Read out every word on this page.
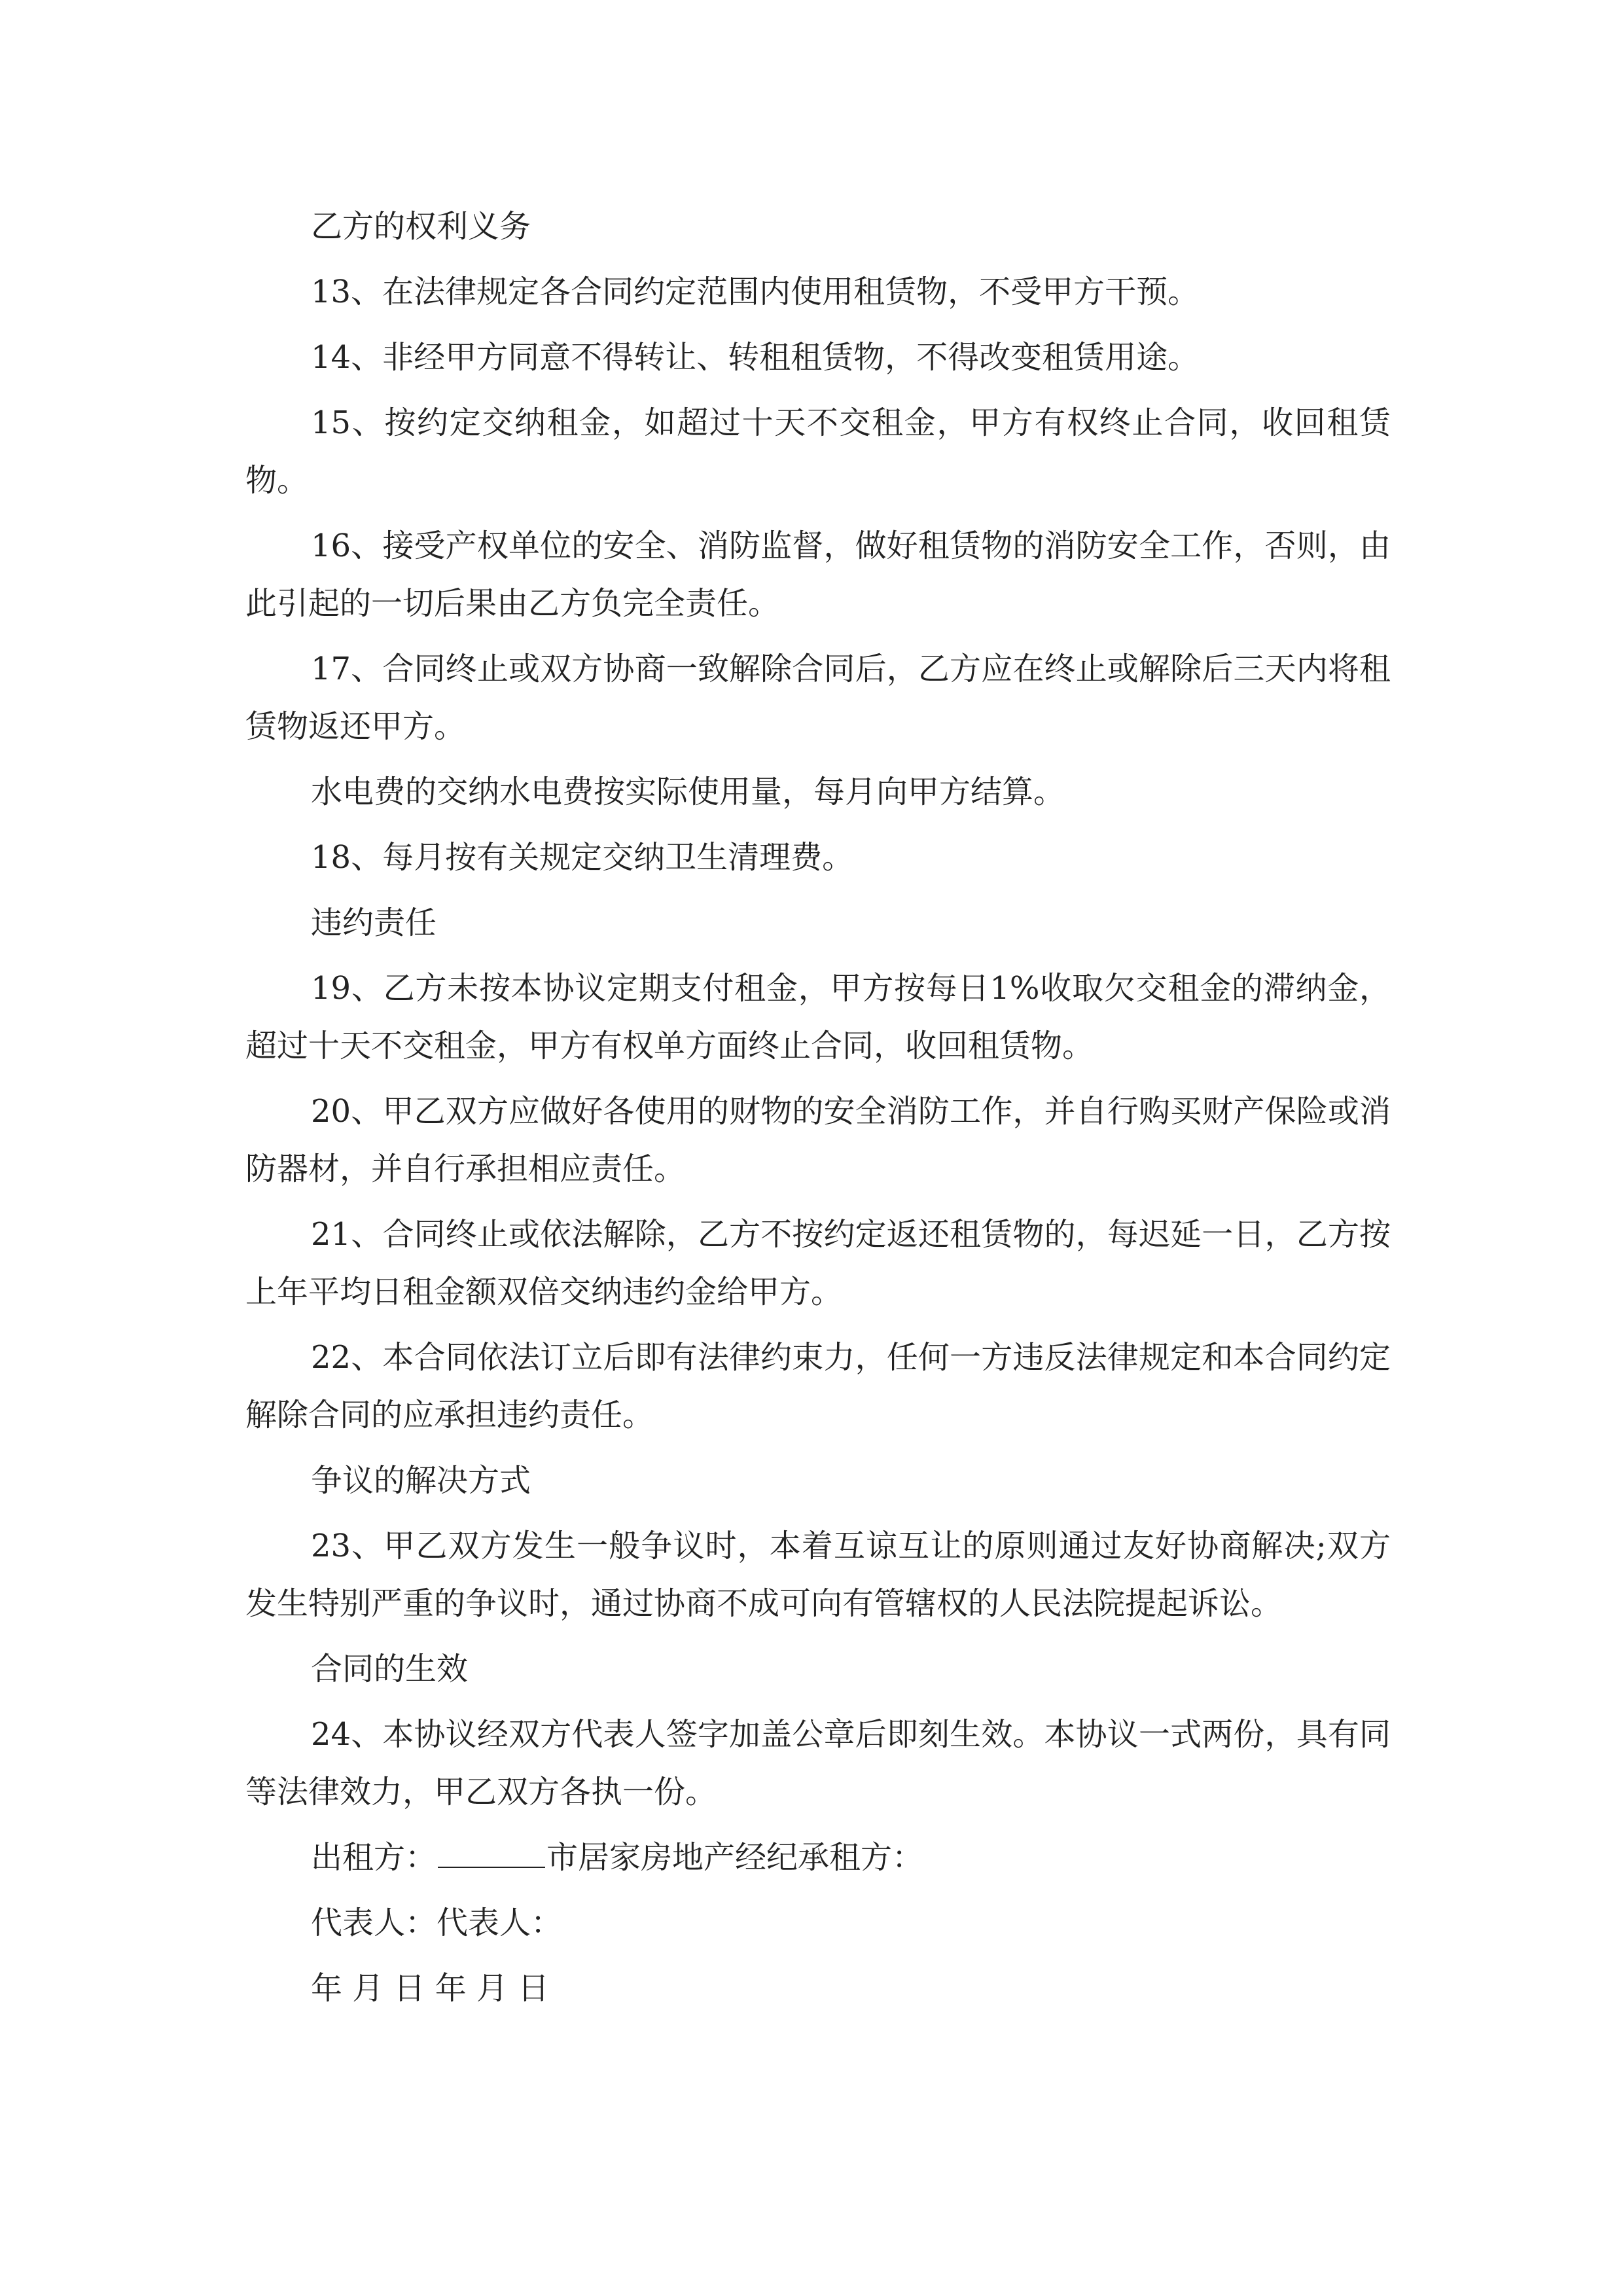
乙方的权利义务

13、在法律规定各合同约定范围内使用租赁物，不受甲方干预。

14、非经甲方同意不得转让、转租租赁物，不得改变租赁用途。

15、按约定交纳租金，如超过十天不交租金，甲方有权终止合同，收回租赁物。

16、接受产权单位的安全、消防监督，做好租赁物的消防安全工作，否则，由此引起的一切后果由乙方负完全责任。

17、合同终止或双方协商一致解除合同后，乙方应在终止或解除后三天内将租赁物返还甲方。

水电费的交纳水电费按实际使用量，每月向甲方结算。

18、每月按有关规定交纳卫生清理费。

违约责任

19、乙方未按本协议定期支付租金，甲方按每日1%收取欠交租金的滞纳金，超过十天不交租金，甲方有权单方面终止合同，收回租赁物。

20、甲乙双方应做好各使用的财物的安全消防工作，并自行购买财产保险或消防器材，并自行承担相应责任。

21、合同终止或依法解除，乙方不按约定返还租赁物的，每迟延一日，乙方按上年平均日租金额双倍交纳违约金给甲方。

22、本合同依法订立后即有法律约束力，任何一方违反法律规定和本合同约定解除合同的应承担违约责任。

争议的解决方式

23、甲乙双方发生一般争议时，本着互谅互让的原则通过友好协商解决;双方发生特别严重的争议时，通过协商不成可向有管辖权的人民法院提起诉讼。

合同的生效

24、本协议经双方代表人签字加盖公章后即刻生效。本协议一式两份，具有同等法律效力，甲乙双方各执一份。

出租方：	市居家房地产经纪承租方：

代表人：代表人：

年 月 日 年 月 日
